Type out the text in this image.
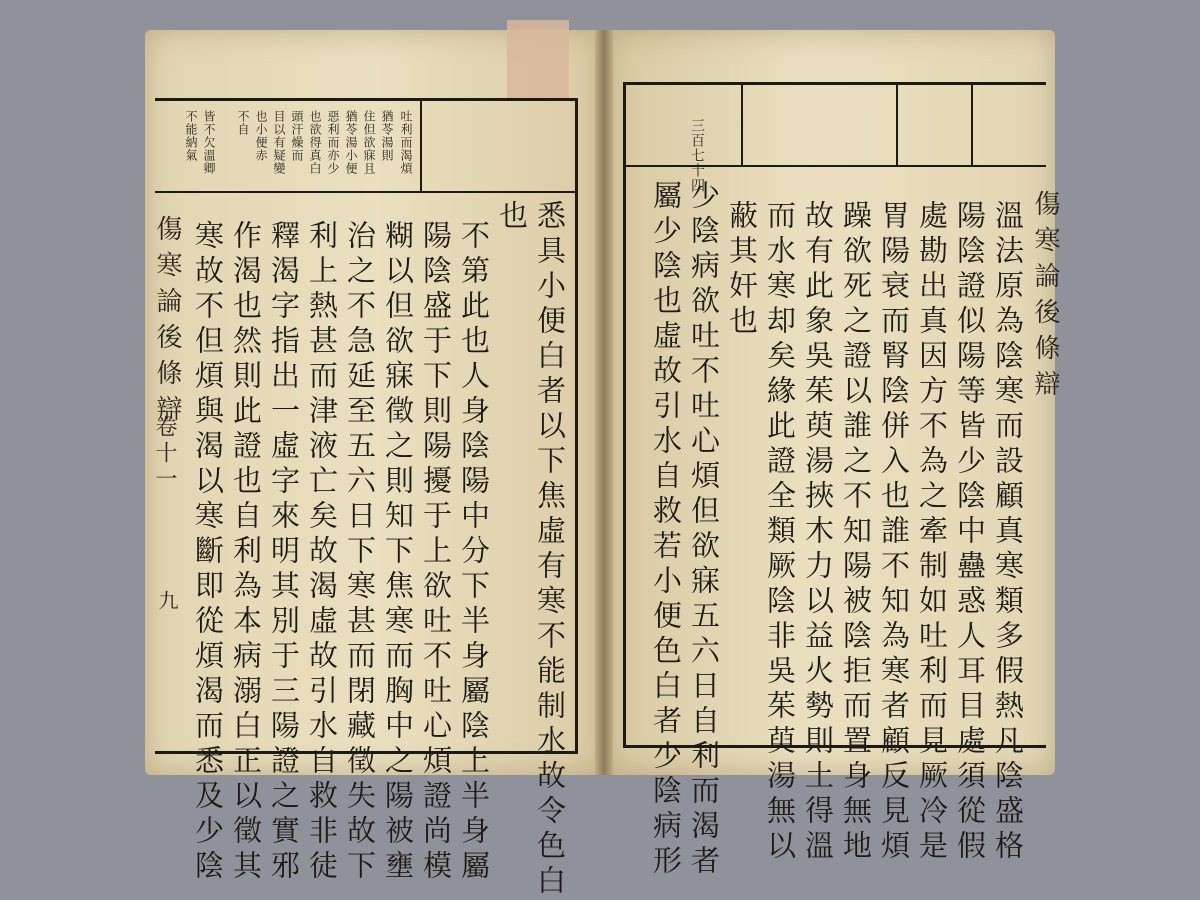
吐利而渴煩
猶苓湯則
住但欲寐且
猶苓湯小便
惡利而亦少
也欲得真白
頭汗燥而
目以有疑變
也小便赤
不自
皆不欠溫卿
不能納氣
悉具小便白者以下焦虛有寒不能制水故令色白
也
不第此也人身陰陽中分下半身屬陰上半身屬
陽陰盛于下則陽擾于上欲吐不吐心煩證尚模
糊以但欲寐徵之則知下焦寒而胸中之陽被壅
治之不急延至五六日下寒甚而閉藏徵失故下
利上熱甚而津液亡矣故渴虛故引水自救非徒
釋渴字指出一虛字來明其別于三陽證之實邪
作渴也然則此證也自利為本病溺白正以徵其
寒故不但煩與渴以寒斷即從煩渴而悉及少陰
傷寒論後條辯
卷十一
九
三百七十四
傷寒論後條辯
溫法原為陰寒而設顧真寒類多假熱凡陰盛格
陽陰證似陽等皆少陰中蠱惑人耳目處須從假
處勘出真因方不為之牽制如吐利而見厥冷是
胃陽衰而腎陰併入也誰不知為寒者顧反見煩
躁欲死之證以誰之不知陽被陰拒而置身無地
故有此象吳茱萸湯挾木力以益火勢則土得溫
而水寒却矣緣此證全類厥陰非吳茱萸湯無以
蔽其奸也
少陰病欲吐不吐心煩但欲寐五六日自利而渴者
屬少陰也虛故引水自救若小便色白者少陰病形
